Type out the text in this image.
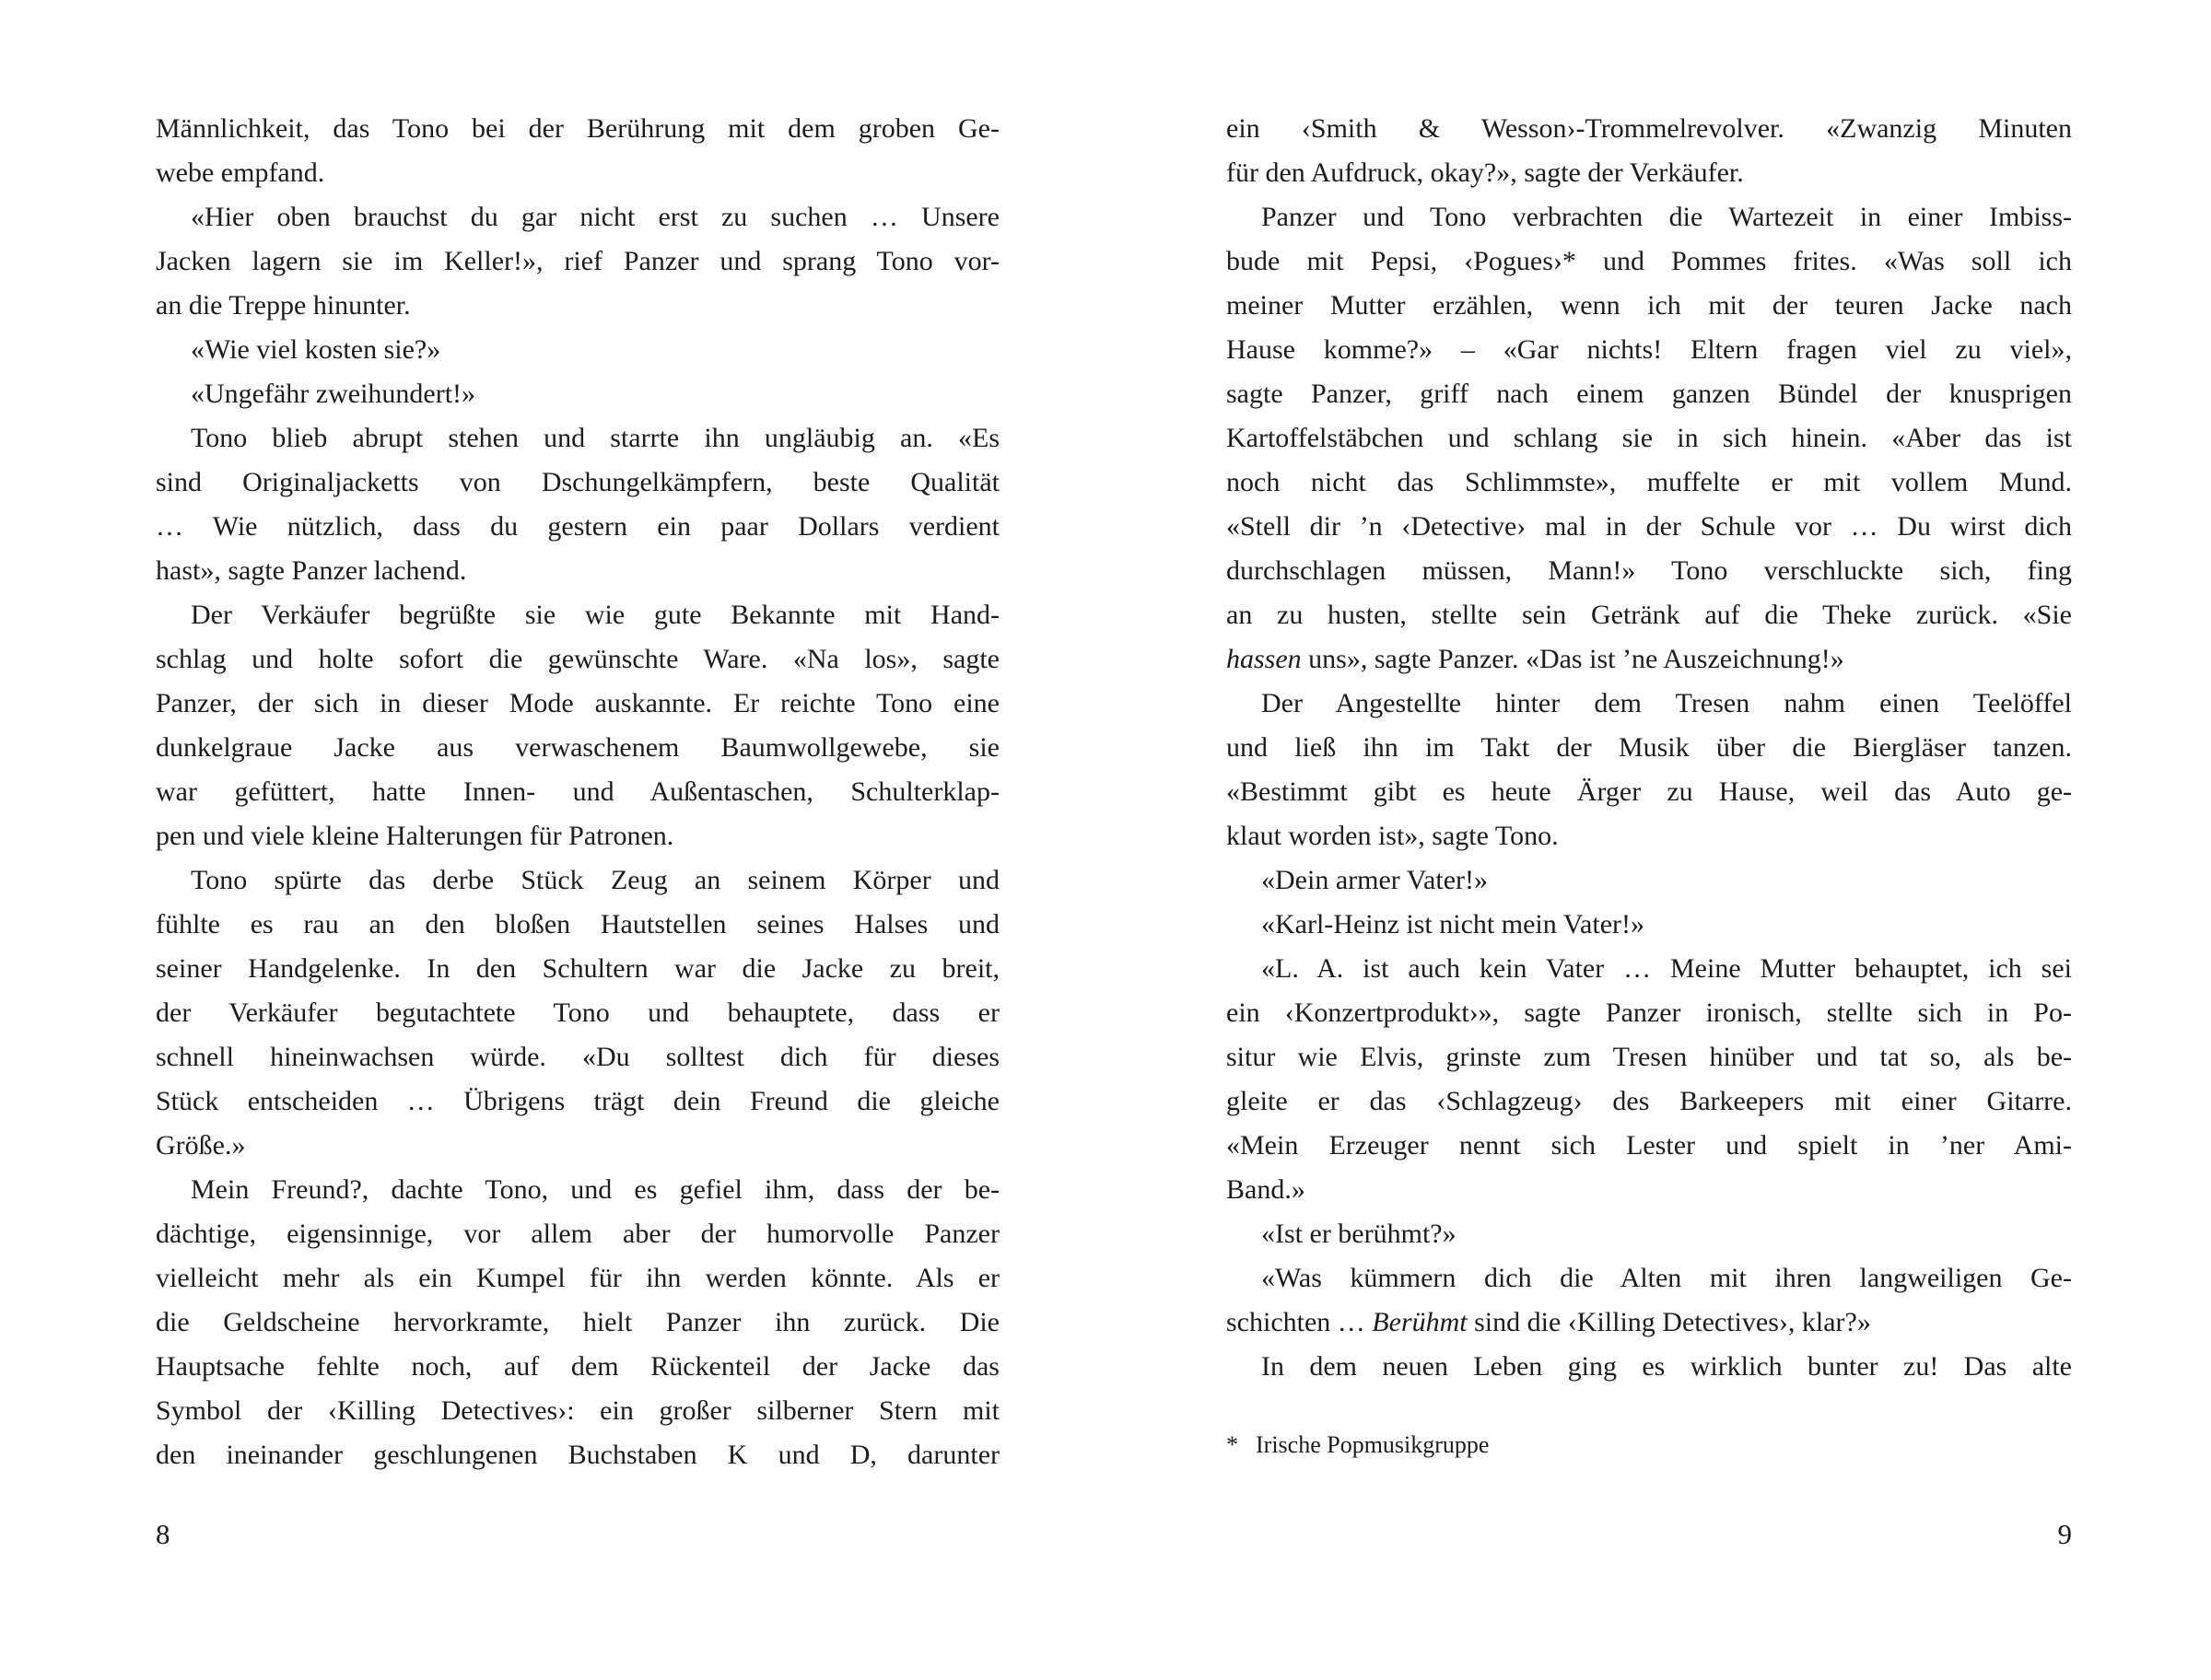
Männlichkeit, das Tono bei der Berührung mit dem groben Ge-
webe empfand.
«Hier oben brauchst du gar nicht erst zu suchen … Unsere
Jacken lagern sie im Keller!», rief Panzer und sprang Tono vor-
an die Treppe hinunter.
«Wie viel kosten sie?»
«Ungefähr zweihundert!»
Tono blieb abrupt stehen und starrte ihn ungläubig an. «Es
sind Originaljacketts von Dschungelkämpfern, beste Qualität
… Wie nützlich, dass du gestern ein paar Dollars verdient
hast», sagte Panzer lachend.
Der Verkäufer begrüßte sie wie gute Bekannte mit Hand-
schlag und holte sofort die gewünschte Ware. «Na los», sagte
Panzer, der sich in dieser Mode auskannte. Er reichte Tono eine
dunkelgraue Jacke aus verwaschenem Baumwollgewebe, sie
war gefüttert, hatte Innen- und Außentaschen, Schulterklap-
pen und viele kleine Halterungen für Patronen.
Tono spürte das derbe Stück Zeug an seinem Körper und
fühlte es rau an den bloßen Hautstellen seines Halses und
seiner Handgelenke. In den Schultern war die Jacke zu breit,
der Verkäufer begutachtete Tono und behauptete, dass er
schnell hineinwachsen würde. «Du solltest dich für dieses
Stück entscheiden … Übrigens trägt dein Freund die gleiche
Größe.»
Mein Freund?, dachte Tono, und es gefiel ihm, dass der be-
dächtige, eigensinnige, vor allem aber der humorvolle Panzer
vielleicht mehr als ein Kumpel für ihn werden könnte. Als er
die Geldscheine hervorkramte, hielt Panzer ihn zurück. Die
Hauptsache fehlte noch, auf dem Rückenteil der Jacke das
Symbol der ‹Killing Detectives›: ein großer silberner Stern mit
den ineinander geschlungenen Buchstaben K und D, darunter
ein ‹Smith & Wesson›-Trommelrevolver. «Zwanzig Minuten
für den Aufdruck, okay?», sagte der Verkäufer.
Panzer und Tono verbrachten die Wartezeit in einer Imbiss-
bude mit Pepsi, ‹Pogues›* und Pommes frites. «Was soll ich
meiner Mutter erzählen, wenn ich mit der teuren Jacke nach
Hause komme?» – «Gar nichts! Eltern fragen viel zu viel»,
sagte Panzer, griff nach einem ganzen Bündel der knusprigen
Kartoffelstäbchen und schlang sie in sich hinein. «Aber das ist
noch nicht das Schlimmste», muffelte er mit vollem Mund.
«Stell dir ’n ‹Detective› mal in der Schule vor … Du wirst dich
durchschlagen müssen, Mann!» Tono verschluckte sich, fing
an zu husten, stellte sein Getränk auf die Theke zurück. «Sie
hassen uns», sagte Panzer. «Das ist ’ne Auszeichnung!»
Der Angestellte hinter dem Tresen nahm einen Teelöffel
und ließ ihn im Takt der Musik über die Biergläser tanzen.
«Bestimmt gibt es heute Ärger zu Hause, weil das Auto ge-
klaut worden ist», sagte Tono.
«Dein armer Vater!»
«Karl-Heinz ist nicht mein Vater!»
«L. A. ist auch kein Vater … Meine Mutter behauptet, ich sei
ein ‹Konzertprodukt›», sagte Panzer ironisch, stellte sich in Po-
situr wie Elvis, grinste zum Tresen hinüber und tat so, als be-
gleite er das ‹Schlagzeug› des Barkeepers mit einer Gitarre.
«Mein Erzeuger nennt sich Lester und spielt in ’ner Ami-
Band.»
«Ist er berühmt?»
«Was kümmern dich die Alten mit ihren langweiligen Ge-
schichten … Berühmt sind die ‹Killing Detectives›, klar?»
In dem neuen Leben ging es wirklich bunter zu! Das alte
* Irische Popmusikgruppe
8	9
